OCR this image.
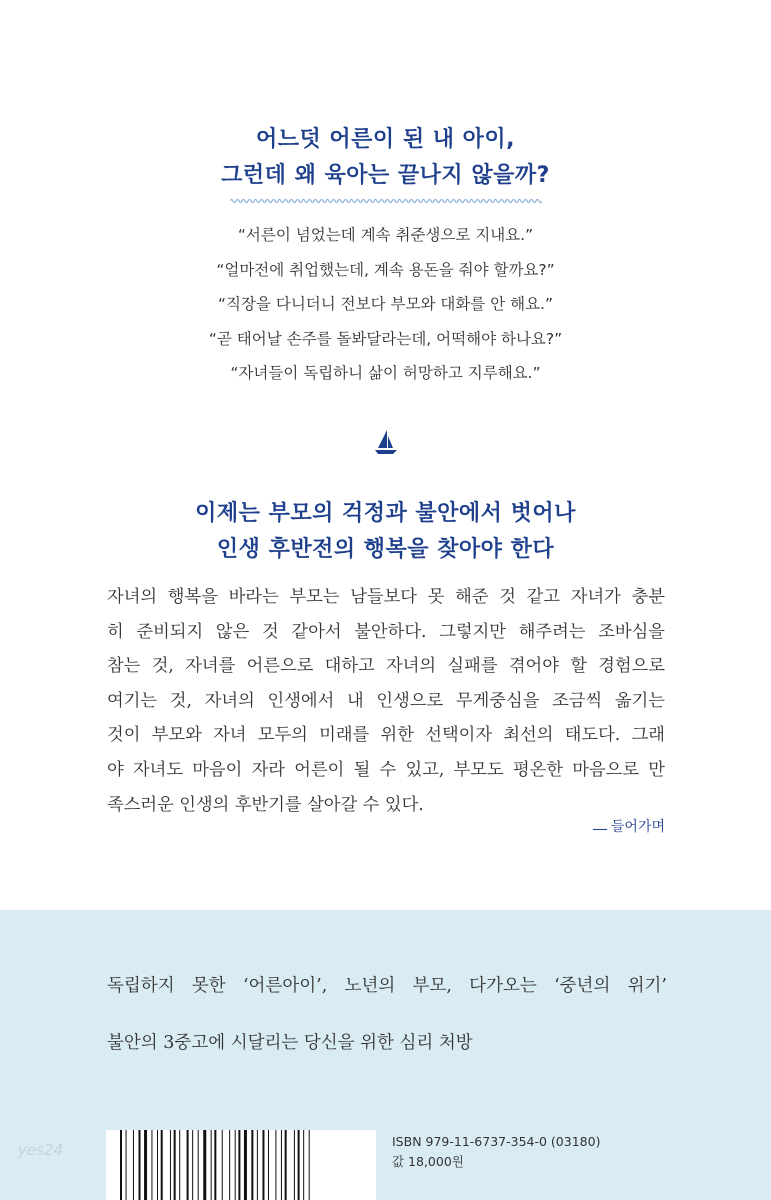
어느덧 어른이 된 내 아이,
그런데 왜 육아는 끝나지 않을까?
“서른이 넘었는데 계속 취준생으로 지내요.”
“얼마전에 취업했는데, 계속 용돈을 줘야 할까요?”
“직장을 다니더니 전보다 부모와 대화를 안 해요.”
“곧 태어날 손주를 돌봐달라는데, 어떡해야 하나요?”
“자녀들이 독립하니 삶이 허망하고 지루해요.”
이제는 부모의 걱정과 불안에서 벗어나
인생 후반전의 행복을 찾아야 한다
자녀의 행복을 바라는 부모는 남들보다 못 해준 것 같고 자녀가 충분
히 준비되지 않은 것 같아서 불안하다. 그렇지만 해주려는 조바심을
참는 것, 자녀를 어른으로 대하고 자녀의 실패를 겪어야 할 경험으로
여기는 것, 자녀의 인생에서 내 인생으로 무게중심을 조금씩 옮기는
것이 부모와 자녀 모두의 미래를 위한 선택이자 최선의 태도다. 그래
야 자녀도 마음이 자라 어른이 될 수 있고, 부모도 평온한 마음으로 만
족스러운 인생의 후반기를 살아갈 수 있다.
들어가며
독립하지 못한 ‘어른아이’, 노년의 부모, 다가오는 ‘중년의 위기’
불안의 3중고에 시달리는 당신을 위한 심리 처방
yes24	ISBN 979-11-6737-354-0 (03180)
값 18,000원
